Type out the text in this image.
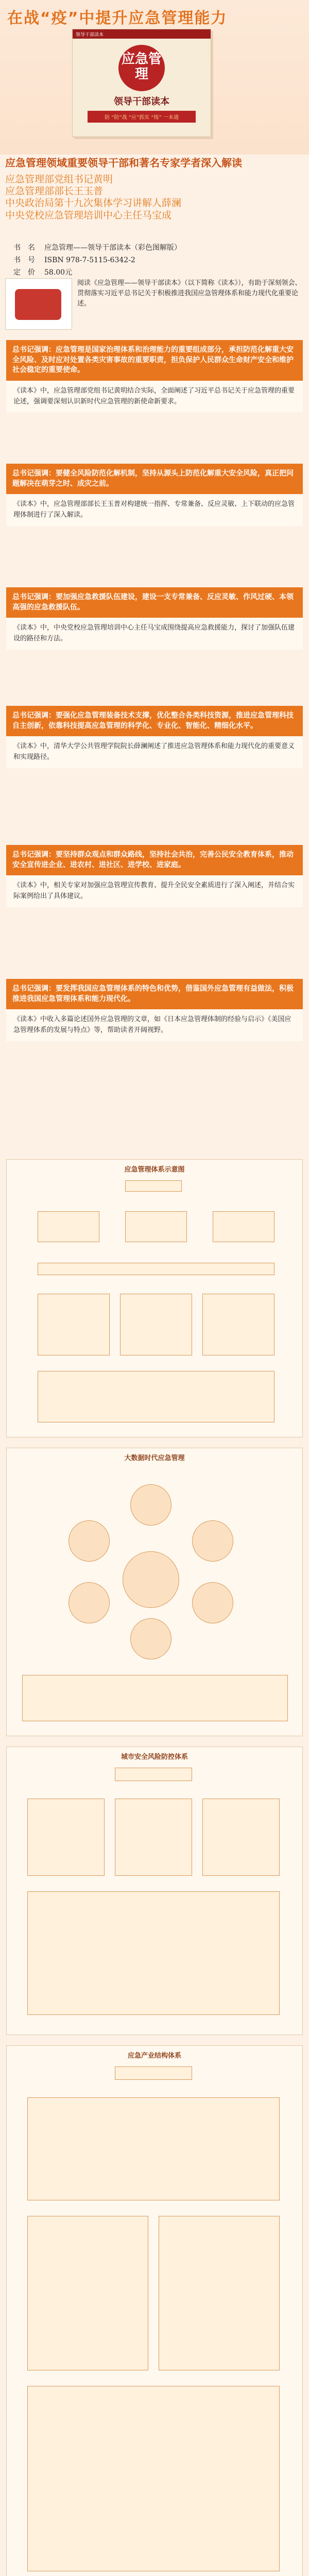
在战“疫”中提升应急管理能力
领导干部读本
应急管理
领导干部读本
防 “防”战 “应”抓实 “练” 一本通
应急管理领域重要领导干部和著名专家学者深入解读
应急管理部党组书记黄明
应急管理部部长王玉普
中央政治局第十九次集体学习讲解人薛澜
中央党校应急管理培训中心主任马宝成
书　名 应急管理——领导干部读本（彩色图解版）
书　号 ISBN 978-7-5115-6342-2
定　价 58.00元

阅读《应急管理——领导干部读本》（以下简称《读本》），有助于深刻领会、贯彻落实习近平总书记关于积极推进我国应急管理体系和能力现代化重要论述。

总书记强调：应急管理是国家治理体系和治理能力的重要组成部分，承担防范化解重大安全风险、及时应对处置各类灾害事故的重要职责，担负保护人民群众生命财产安全和维护社会稳定的重要使命。
《读本》中，应急管理部党组书记黄明结合实际，全面阐述了习近平总书记关于应急管理的重要论述，强调要深刻认识新时代应急管理的新使命新要求。
总书记强调：要健全风险防范化解机制，坚持从源头上防范化解重大安全风险，真正把问题解决在萌芽之时、成灾之前。
《读本》中，应急管理部部长王玉普对构建统一指挥、专常兼备、反应灵敏、上下联动的应急管理体制进行了深入解读。
总书记强调：要加强应急救援队伍建设，建设一支专常兼备、反应灵敏、作风过硬、本领高强的应急救援队伍。
《读本》中，中央党校应急管理培训中心主任马宝成围绕提高应急救援能力，探讨了加强队伍建设的路径和方法。
总书记强调：要强化应急管理装备技术支撑，优化整合各类科技资源，推进应急管理科技自主创新，依靠科技提高应急管理的科学化、专业化、智能化、精细化水平。
《读本》中，清华大学公共管理学院院长薛澜阐述了推进应急管理体系和能力现代化的重要意义和实现路径。
总书记强调：要坚持群众观点和群众路线，坚持社会共治，完善公民安全教育体系，推动安全宣传进企业、进农村、进社区、进学校、进家庭。
《读本》中，相关专家对加强应急管理宣传教育、提升全民安全素质进行了深入阐述，并结合实际案例给出了具体建议。
总书记强调：要发挥我国应急管理体系的特色和优势，借鉴国外应急管理有益做法，积极推进我国应急管理体系和能力现代化。
《读本》中收入多篇论述国外应急管理的文章，如《日本应急管理体制的经验与启示》《美国应急管理体系的发展与特点》等，帮助读者开阔视野。
应急管理体系示意图
大数据时代应急管理
城市安全风险防控体系
应急产业结构体系
